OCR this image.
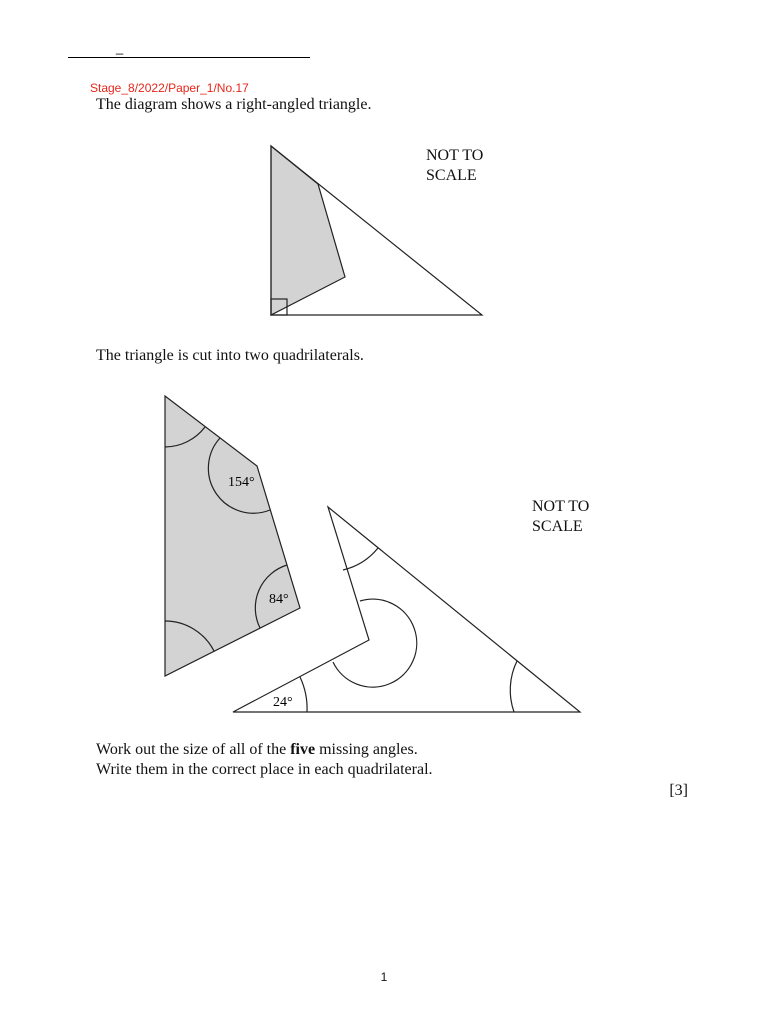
_
Stage_8/2022/Paper_1/No.17
The diagram shows a right-angled triangle.
154°
84°
24°
NOT TO
SCALE
The triangle is cut into two quadrilaterals.
NOT TO
SCALE
Work out the size of all of the five missing angles.
Write them in the correct place in each quadrilateral.
[3]
1
